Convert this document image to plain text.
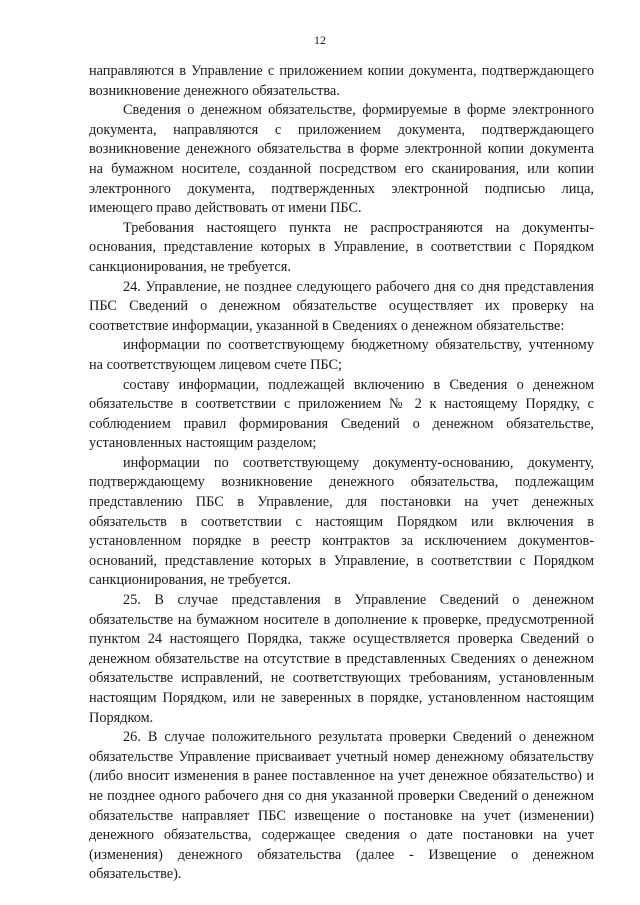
12

направляются в Управление с приложением копии документа, подтверждающего возникновение денежного обязательства.

Сведения о денежном обязательстве, формируемые в форме электронного документа, направляются с приложением документа, подтверждающего возникновение денежного обязательства в форме электронной копии документа на бумажном носителе, созданной посредством его сканирования, или копии электронного документа, подтвержденных электронной подписью лица, имеющего право действовать от имени ПБС.

Требования настоящего пункта не распространяются на документы-основания, представление которых в Управление, в соответствии с Порядком санкционирования, не требуется.

24. Управление, не позднее следующего рабочего дня со дня представления ПБС Сведений о денежном обязательстве осуществляет их проверку на соответствие информации, указанной в Сведениях о денежном обязательстве:

информации по соответствующему бюджетному обязательству, учтенному на соответствующем лицевом счете ПБС;

составу информации, подлежащей включению в Сведения о денежном обязательстве в соответствии с приложением № 2 к настоящему Порядку, с соблюдением правил формирования Сведений о денежном обязательстве, установленных настоящим разделом;

информации по соответствующему документу-основанию, документу, подтверждающему возникновение денежного обязательства, подлежащим представлению ПБС в Управление, для постановки на учет денежных обязательств в соответствии с настоящим Порядком или включения в установленном порядке в реестр контрактов за исключением документов-оснований, представление которых в Управление, в соответствии с Порядком санкционирования, не требуется.

25. В случае представления в Управление Сведений о денежном обязательстве на бумажном носителе в дополнение к проверке, предусмотренной пунктом 24 настоящего Порядка, также осуществляется проверка Сведений о денежном обязательстве на отсутствие в представленных Сведениях о денежном обязательстве исправлений, не соответствующих требованиям, установленным настоящим Порядком, или не заверенных в порядке, установленном настоящим Порядком.

26. В случае положительного результата проверки Сведений о денежном обязательстве Управление присваивает учетный номер денежному обязательству (либо вносит изменения в ранее поставленное на учет денежное обязательство) и не позднее одного рабочего дня со дня указанной проверки Сведений о денежном обязательстве направляет ПБС извещение о постановке на учет (изменении) денежного обязательства, содержащее сведения о дате постановки на учет (изменения) денежного обязательства (далее - Извещение о денежном обязательстве).
